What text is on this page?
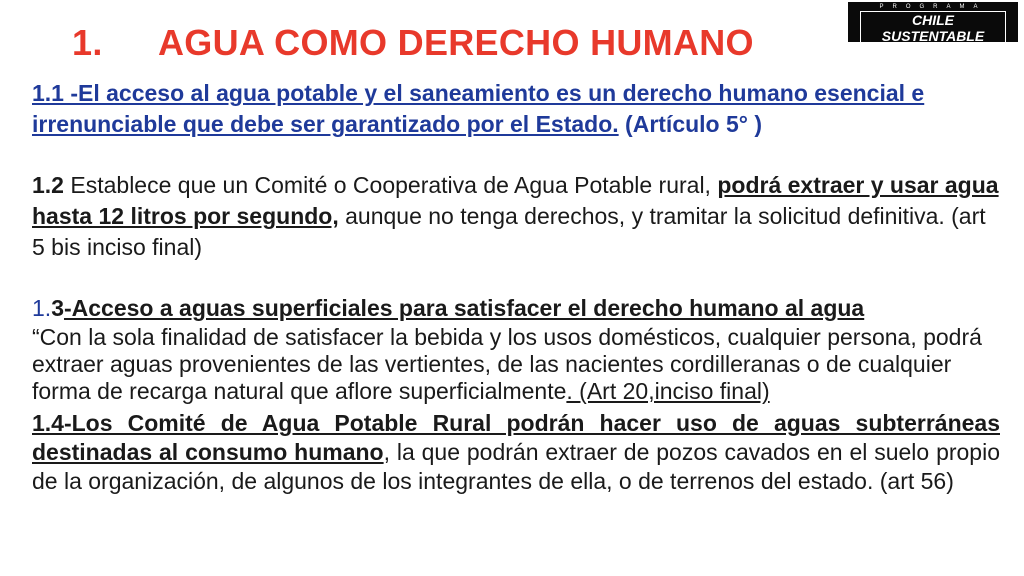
1. AGUA COMO DERECHO HUMANO
PROGRAMA
CHILE SUSTENTABLE
Propuesta Ciudadana para el Cambio

1.1 -El acceso al agua potable y el saneamiento es un derecho humano esencial e irrenunciable que debe ser garantizado por el Estado. (Artículo 5° )

1.2 Establece que un Comité o Cooperativa de Agua Potable rural, podrá extraer y usar agua hasta 12 litros por segundo, aunque no tenga derechos, y tramitar la solicitud definitiva. (art 5 bis inciso final)

1.3-Acceso a aguas superficiales para satisfacer el derecho humano al agua

“Con la sola finalidad de satisfacer la bebida y los usos domésticos, cualquier persona, podrá extraer aguas provenientes de las vertientes, de las nacientes cordilleranas o de cualquier forma de recarga natural que aflore superficialmente. (Art 20,inciso final)

1.4-Los Comité de Agua Potable Rural podrán hacer uso de aguas subterráneas destinadas al consumo humano, la que podrán extraer de pozos cavados en el suelo propio de la organización, de algunos de los integrantes de ella, o de terrenos del estado. (art 56)
